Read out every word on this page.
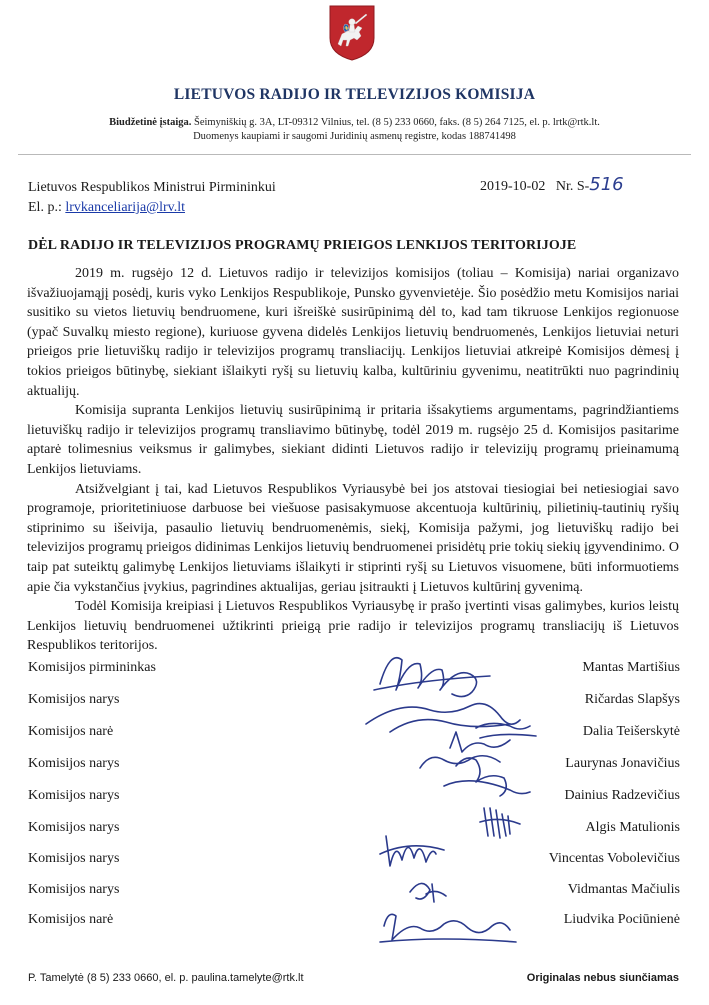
LIETUVOS RADIJO IR TELEVIZIJOS KOMISIJA
Biudžetinė įstaiga. Šeimyniškių g. 3A, LT-09312 Vilnius, tel. (8 5) 233 0660, faks. (8 5) 264 7125, el. p. lrtk@rtk.lt.
Duomenys kaupiami ir saugomi Juridinių asmenų registre, kodas 188741498
Lietuvos Respublikos Ministrui Pirmininkui
El. p.: lrvkanceliarija@lrv.lt
2019-10-02 Nr. S-516
DĖL RADIJO IR TELEVIZIJOS PROGRAMŲ PRIEIGOS LENKIJOS TERITORIJOJE

2019 m. rugsėjo 12 d. Lietuvos radijo ir televizijos komisijos (toliau – Komisija) nariai organizavo išvažiuojamąjį posėdį, kuris vyko Lenkijos Respublikoje, Punsko gyvenvietėje. Šio posėdžio metu Komisijos nariai susitiko su vietos lietuvių bendruomene, kuri išreiškė susirūpinimą dėl to, kad tam tikruose Lenkijos regionuose (ypač Suvalkų miesto regione), kuriuose gyvena didelės Lenkijos lietuvių bendruomenės, Lenkijos lietuviai neturi prieigos prie lietuviškų radijo ir televizijos programų transliacijų. Lenkijos lietuviai atkreipė Komisijos dėmesį į tokios prieigos būtinybę, siekiant išlaikyti ryšį su lietuvių kalba, kultūriniu gyvenimu, neatitrūkti nuo pagrindinių aktualijų.

Komisija supranta Lenkijos lietuvių susirūpinimą ir pritaria išsakytiems argumentams, pagrindžiantiems lietuviškų radijo ir televizijos programų transliavimo būtinybę, todėl 2019 m. rugsėjo 25 d. Komisijos pasitarime aptarė tolimesnius veiksmus ir galimybes, siekiant didinti Lietuvos radijo ir televizijų programų prieinamumą Lenkijos lietuviams.

Atsižvelgiant į tai, kad Lietuvos Respublikos Vyriausybė bei jos atstovai tiesiogiai bei netiesiogiai savo programoje, prioritetiniuose darbuose bei viešuose pasisakymuose akcentuoja kultūrinių, pilietinių-tautinių ryšių stiprinimo su išeivija, pasaulio lietuvių bendruomenėmis, siekį, Komisija pažymi, jog lietuviškų radijo bei televizijos programų prieigos didinimas Lenkijos lietuvių bendruomenei prisidėtų prie tokių siekių įgyvendinimo. O taip pat suteiktų galimybę Lenkijos lietuviams išlaikyti ir stiprinti ryšį su Lietuvos visuomene, būti informuotiems apie čia vykstančius įvykius, pagrindines aktualijas, geriau įsitraukti į Lietuvos kultūrinį gyvenimą.

Todėl Komisija kreipiasi į Lietuvos Respublikos Vyriausybę ir prašo įvertinti visas galimybes, kurios leistų Lenkijos lietuvių bendruomenei užtikrinti prieigą prie radijo ir televizijos programų transliacijų iš Lietuvos Respublikos teritorijos.

Komisijos pirmininkas	Mantas Martišius
Komisijos narys	Ričardas Slapšys
Komisijos narė	Dalia Teišerskytė
Komisijos narys	Laurynas Jonavičius
Komisijos narys	Dainius Radzevičius
Komisijos narys	Algis Matulionis
Komisijos narys	Vincentas Vobolevičius
Komisijos narys	Vidmantas Mačiulis
Komisijos narė	Liudvika Pociūnienė
P. Tamelytė (8 5) 233 0660, el. p. paulina.tamelyte@rtk.lt	Originalas nebus siunčiamas
